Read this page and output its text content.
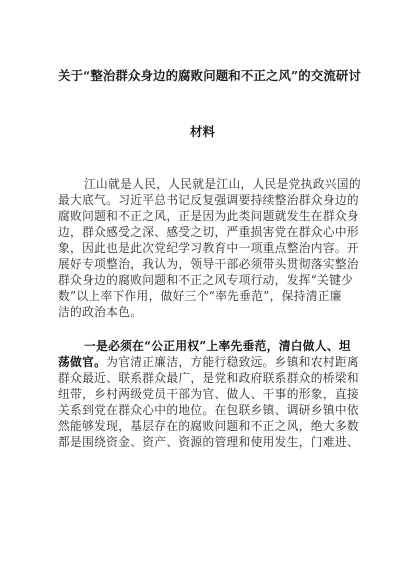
关于“整治群众身边的腐败问题和不正之风”的交流研讨
材料
江山就是人民，人民就是江山，人民是党执政兴国的
最大底气。习近平总书记反复强调要持续整治群众身边的
腐败问题和不正之风，正是因为此类问题就发生在群众身
边，群众感受之深、感受之切，严重损害党在群众心中形
象，因此也是此次党纪学习教育中一项重点整治内容。开
展好专项整治，我认为，领导干部必须带头贯彻落实整治
群众身边的腐败问题和不正之风专项行动，发挥“关键少
数”以上率下作用，做好三个“率先垂范”，保持清正廉
洁的政治本色。
一是必须在“公正用权”上率先垂范，清白做人、坦
荡做官。为官清正廉洁，方能行稳致远。乡镇和农村距离
群众最近、联系群众最广，是党和政府联系群众的桥梁和
纽带，乡村两级党员干部为官、做人、干事的形象，直接
关系到党在群众心中的地位。在包联乡镇、调研乡镇中依
然能够发现，基层存在的腐败问题和不正之风，绝大多数
都是围绕资金、资产、资源的管理和使用发生，门难进、
